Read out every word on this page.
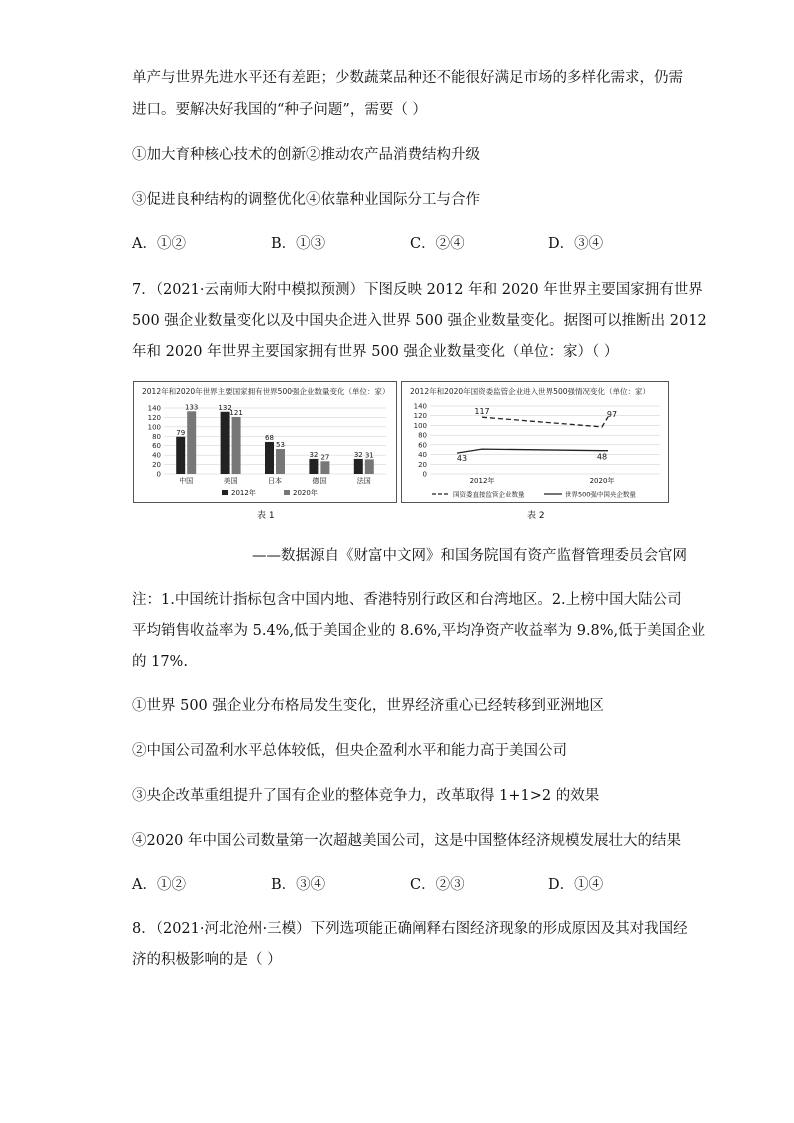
单产与世界先进水平还有差距；少数蔬菜品种还不能很好满足市场的多样化需求，仍需
进口。要解决好我国的“种子问题”，需要（ ）
①加大育种核心技术的创新②推动农产品消费结构升级
③促进良种结构的调整优化④依靠种业国际分工与合作
A．①②	B．①③	C．②④	D．③④
7．（2021·云南师大附中模拟预测）下图反映 2012 年和 2020 年世界主要国家拥有世界
500 强企业数量变化以及中国央企进入世界 500 强企业数量变化。据图可以推断出 2012
年和 2020 年世界主要国家拥有世界 500 强企业数量变化（单位：家）（ ）
2012年和2020年世界主要国家拥有世界500强企业数量变化（单位：家）
0
20
40
60
80
100
120
140
79
133
中国
132
121
美国
68
53
日本
32 27
德国
32 31
法国
2012年	2020年
表 1
2012年和2020年国资委监管企业进入世界500强情况变化（单位：家）
0
20
40
60
80
100
120
140
2012年	2020年
117	97
43	48
国资委直接监管企业数量	世界500强中国央企数量
表 2
——数据源自《财富中文网》和国务院国有资产监督管理委员会官网
注：1.中国统计指标包含中国内地、香港特别行政区和台湾地区。2.上榜中国大陆公司
平均销售收益率为 5.4%,低于美国企业的 8.6%,平均净资产收益率为 9.8%,低于美国企业
的 17%.
①世界 500 强企业分布格局发生变化，世界经济重心已经转移到亚洲地区
②中国公司盈利水平总体较低，但央企盈利水平和能力高于美国公司
③央企改革重组提升了国有企业的整体竞争力，改革取得 1+1>2 的效果
④2020 年中国公司数量第一次超越美国公司，这是中国整体经济规模发展壮大的结果
A．①②	B．③④	C．②③	D．①④
8．（2021·河北沧州·三模）下列选项能正确阐释右图经济现象的形成原因及其对我国经
济的积极影响的是（ ）
